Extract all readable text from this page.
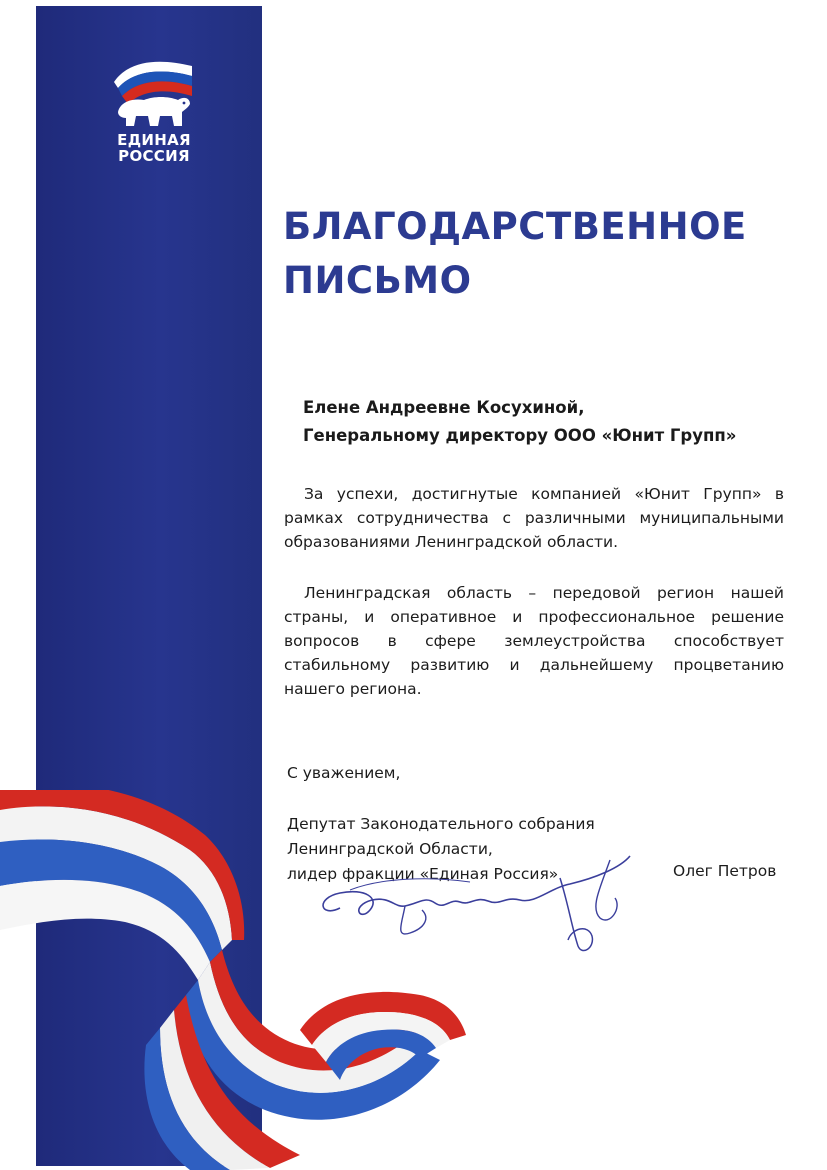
ЕДИНАЯ
РОССИЯ
БЛАГОДАРСТВЕННОЕ
ПИСЬМО
Елене Андреевне Косухиной,
Генеральному директору ООО «Юнит Групп»

За успехи, достигнутые компанией «Юнит Групп» в рамках сотрудничества с различными муниципальными образованиями Ленинградской области.

Ленинградская область – передовой регион нашей страны, и оперативное и профессиональное решение вопросов в сфере землеустройства способствует стабильному развитию и дальнейшему процветанию нашего региона.

С уважением,
Депутат Законодательного собрания
Ленинградской Области,
лидер фракции «Единая Россия»	Олег Петров
